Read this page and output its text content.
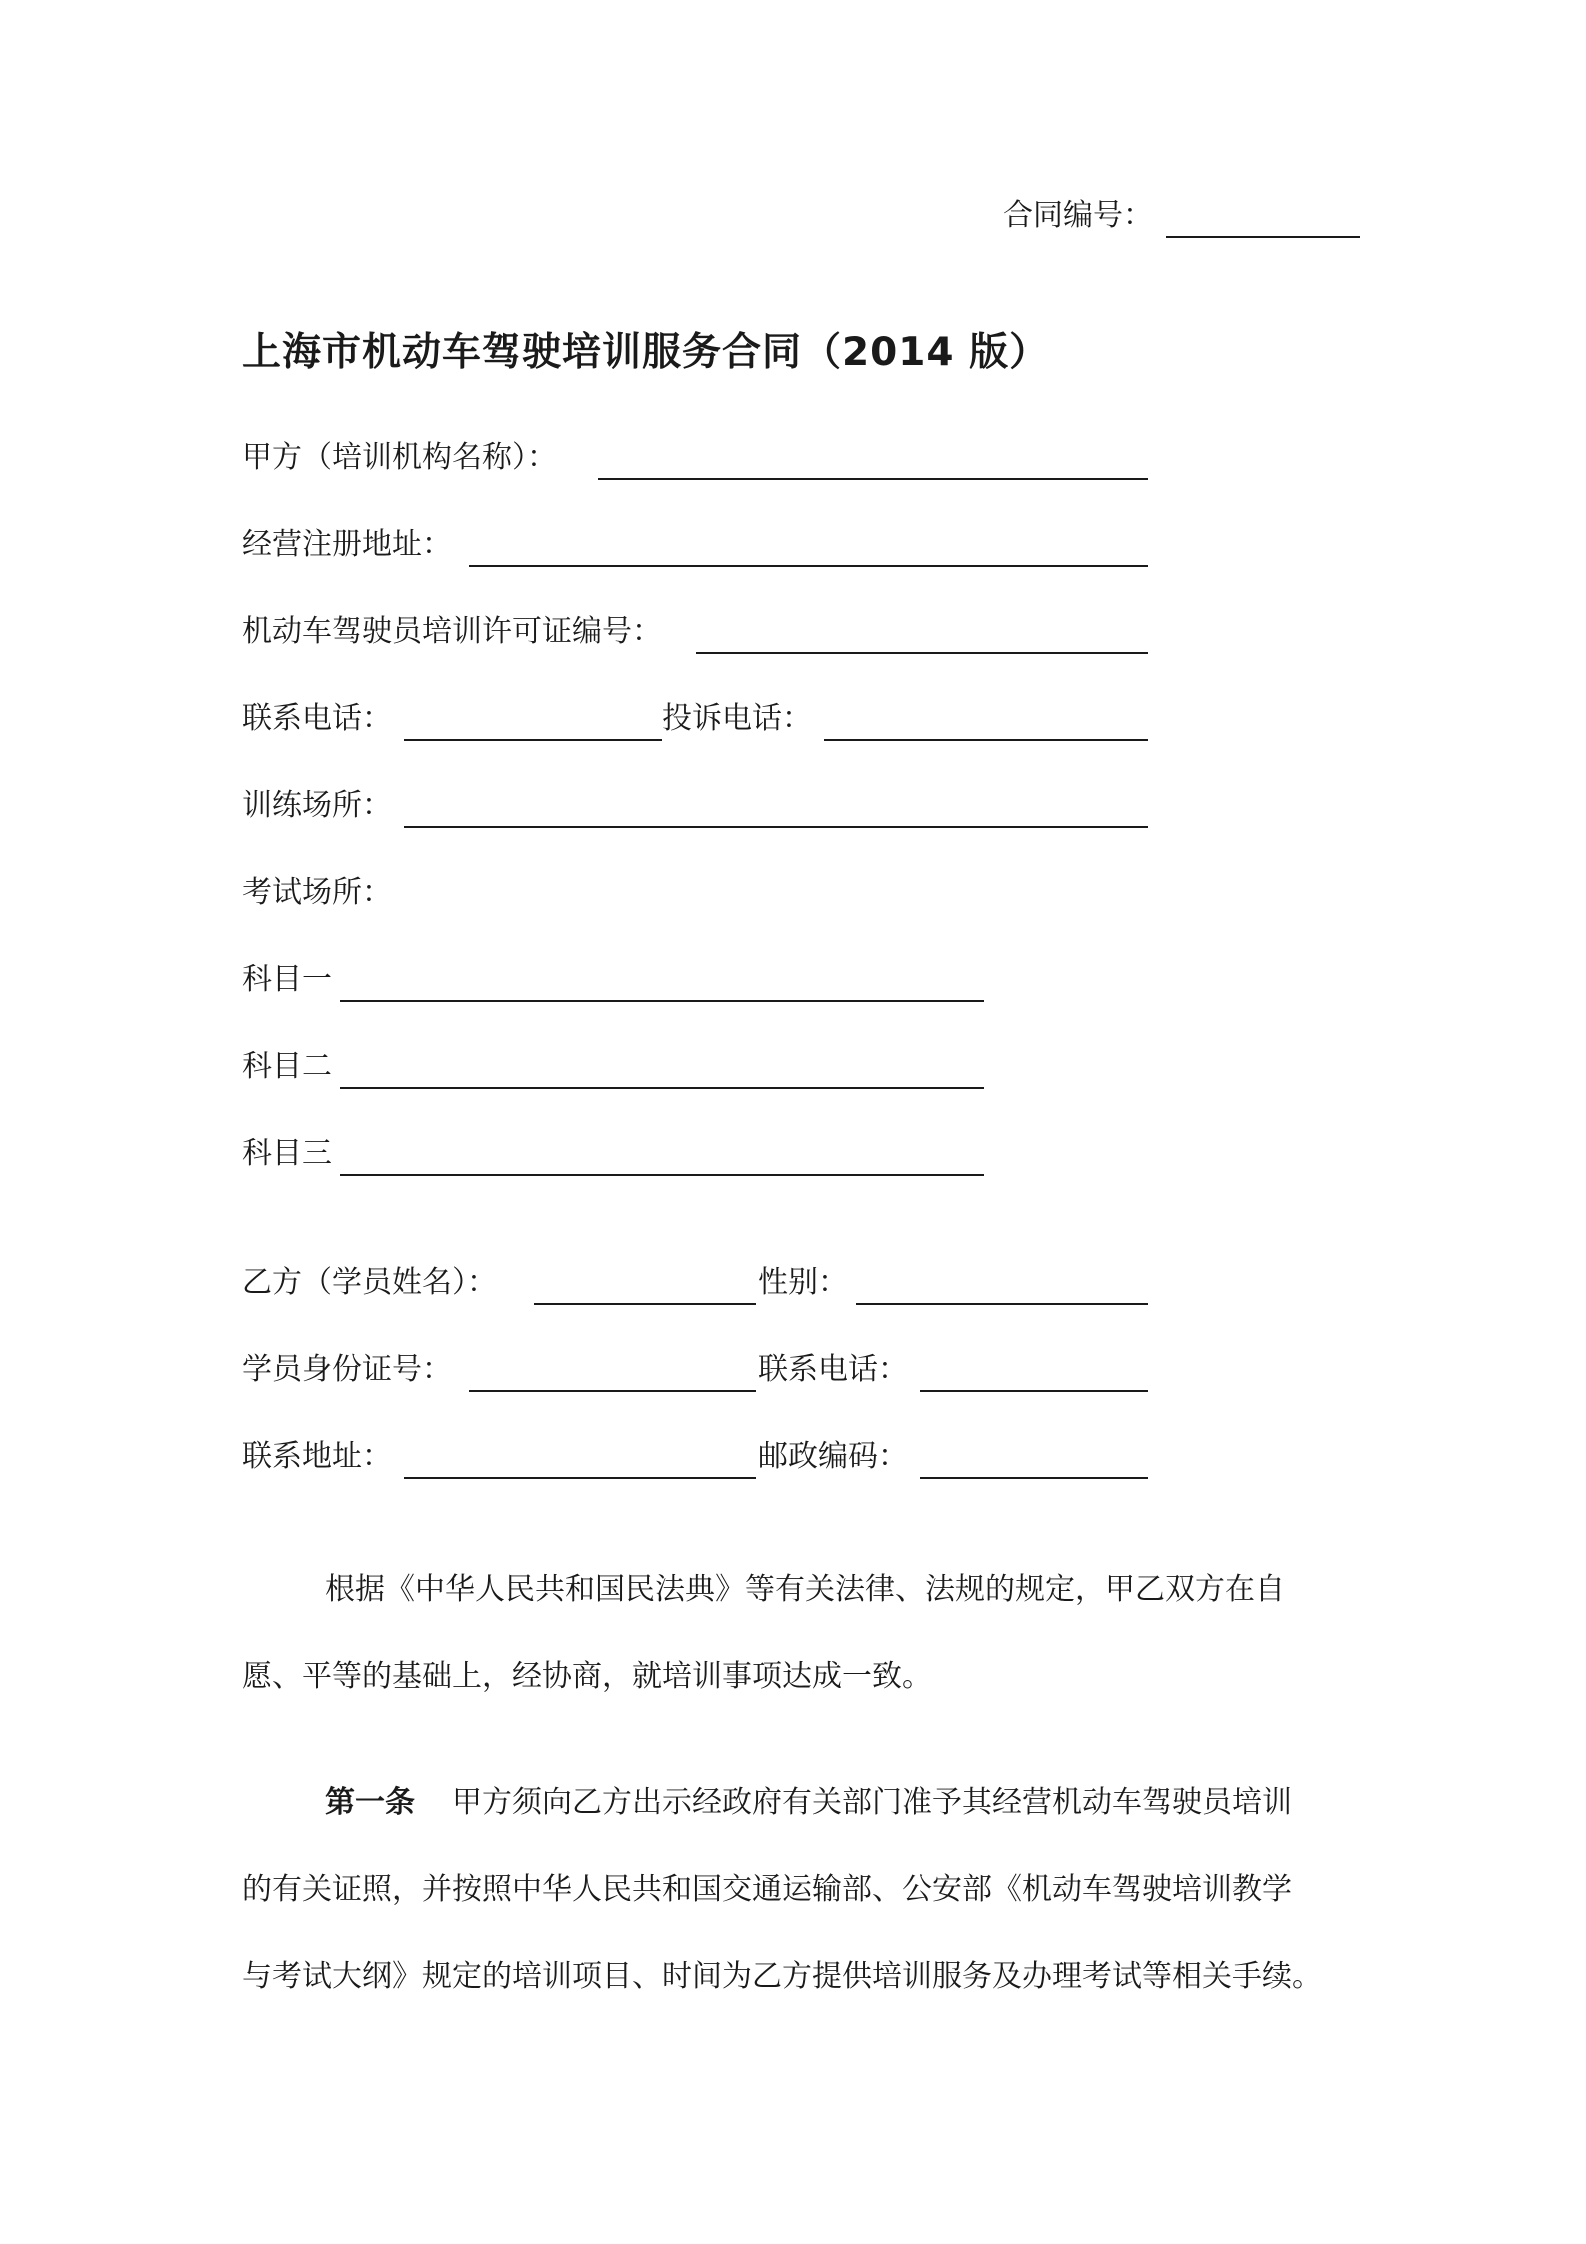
合同编号：
上海市机动车驾驶培训服务合同（2014 版）
甲方（培训机构名称）：
经营注册地址：
机动车驾驶员培训许可证编号：
联系电话：	投诉电话：
训练场所：
考试场所：
科目一
科目二
科目三
乙方（学员姓名）：	性别：
学员身份证号：	联系电话：
联系地址：	邮政编码：
根据《中华人民共和国民法典》等有关法律、法规的规定，甲乙双方在自
愿、平等的基础上，经协商，就培训事项达成一致。
第一条 甲方须向乙方出示经政府有关部门准予其经营机动车驾驶员培训
的有关证照，并按照中华人民共和国交通运输部、公安部《机动车驾驶培训教学
与考试大纲》规定的培训项目、时间为乙方提供培训服务及办理考试等相关手续。
